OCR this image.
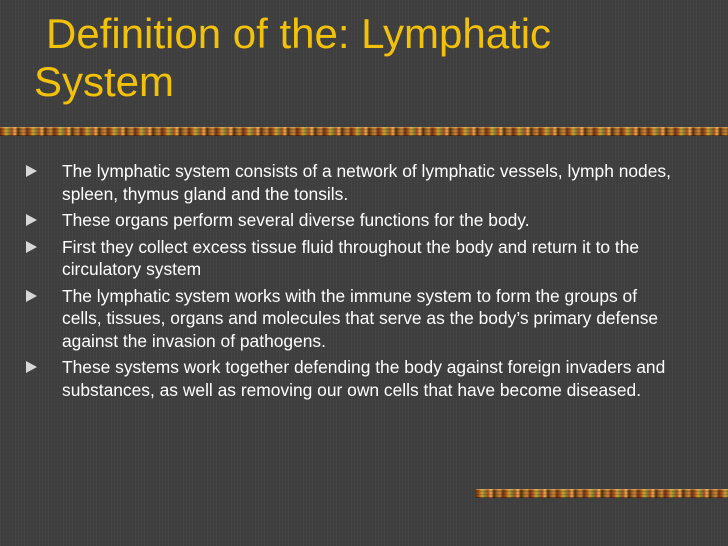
Definition of the: Lymphatic
System
The lymphatic system consists of a network of lymphatic vessels, lymph nodes, spleen, thymus gland and the tonsils.
These organs perform several diverse functions for the body.
First they collect excess tissue fluid throughout the body and return it to the circulatory system
The lymphatic system works with the immune system to form the groups of cells, tissues, organs and molecules that serve as the body’s primary defense against the invasion of pathogens.
These systems work together defending the body against foreign invaders and substances, as well as removing our own cells that have become diseased.
